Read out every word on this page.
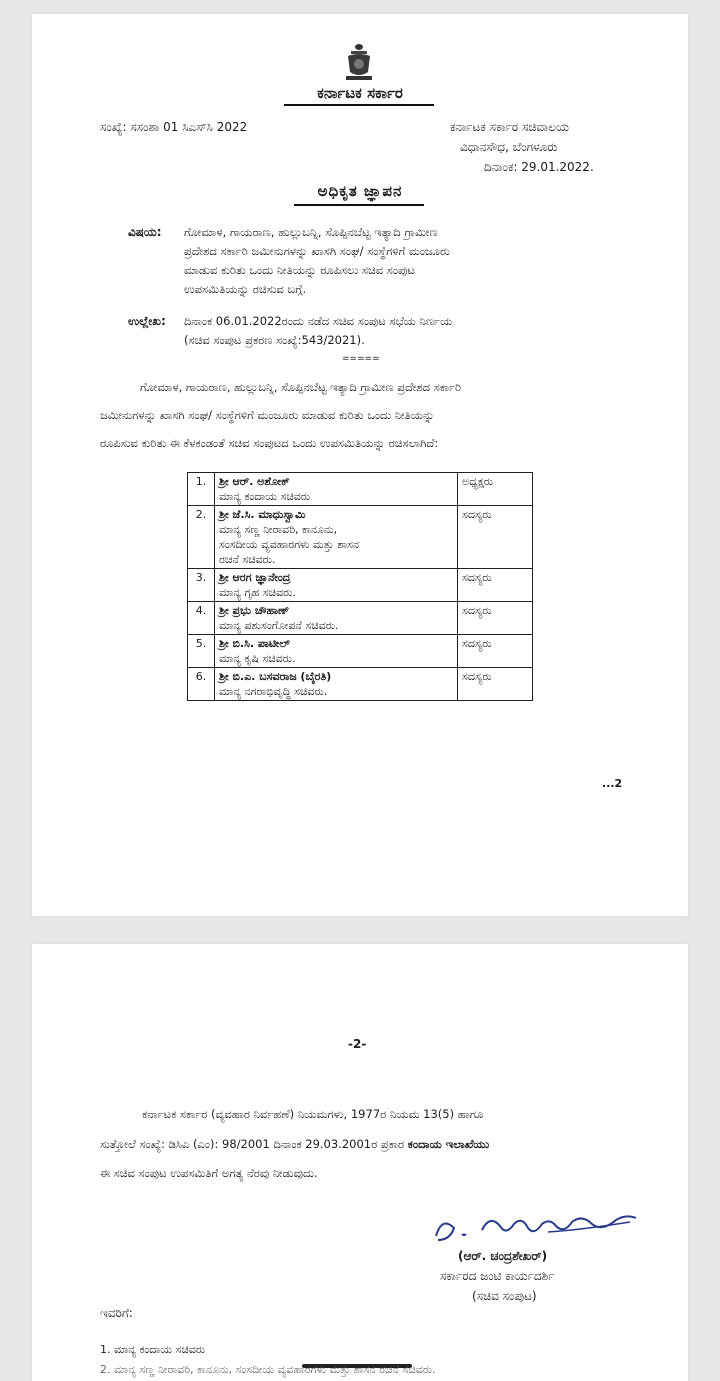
ಕರ್ನಾಟಕ ಸರ್ಕಾರ
ಸಂಖ್ಯೆ: ಸಸಂಶಾ 01 ಸಿಎಸ್‌ಸಿ 2022	ಕರ್ನಾಟಕ ಸರ್ಕಾರ ಸಚಿವಾಲಯ
ವಿಧಾನಸೌಧ, ಬೆಂಗಳೂರು
ದಿನಾಂಕ: 29.01.2022.
ಅಧಿಕೃತ ಜ್ಞಾಪನ
ವಿಷಯ: ಗೋಮಾಳ, ಗಾಯರಾಣ, ಹುಲ್ಲುಬನ್ನಿ, ಸೊಪ್ಪಿನಬೆಟ್ಟ ಇತ್ಯಾದಿ ಗ್ರಾಮೀಣ
ಪ್ರದೇಶದ ಸರ್ಕಾರಿ ಜಮೀನುಗಳನ್ನು ಖಾಸಗಿ ಸಂಘ/ ಸಂಸ್ಥೆಗಳಿಗೆ ಮಂಜೂರು
ಮಾಡುವ ಕುರಿತು ಒಂದು ನೀತಿಯನ್ನು ರೂಪಿಸಲು ಸಚಿವ ಸಂಪುಟ
ಉಪಸಮಿತಿಯನ್ನು ರಚಿಸುವ ಬಗ್ಗೆ.
ಉಲ್ಲೇಖ: ದಿನಾಂಕ 06.01.2022ರಂದು ನಡೆದ ಸಚಿವ ಸಂಪುಟ ಸಭೆಯ ನಿರ್ಣಯ
(ಸಚಿವ ಸಂಪುಟ ಪ್ರಕರಣ ಸಂಖ್ಯೆ:543/2021).
=====
ಗೋಮಾಳ, ಗಾಯರಾಣ, ಹುಲ್ಲುಬನ್ನಿ, ಸೊಪ್ಪಿನಬೆಟ್ಟ ಇತ್ಯಾದಿ ಗ್ರಾಮೀಣ ಪ್ರದೇಶದ ಸರ್ಕಾರಿ
ಜಮೀನುಗಳನ್ನು ಖಾಸಗಿ ಸಂಘ/ ಸಂಸ್ಥೆಗಳಿಗೆ ಮಂಜೂರು ಮಾಡುವ ಕುರಿತು ಒಂದು ನೀತಿಯನ್ನು
ರೂಪಿಸುವ ಕುರಿತು ಈ ಕೆಳಕಂಡಂತೆ ಸಚಿವ ಸಂಪುಟದ ಒಂದು ಉಪಸಮಿತಿಯನ್ನು ರಚಿಸಲಾಗಿದೆ:
1.	ಶ್ರೀ ಆರ್. ಅಶೋಕ್
ಮಾನ್ಯ ಕಂದಾಯ ಸಚಿವರು	ಅಧ್ಯಕ್ಷರು
2.	ಶ್ರೀ ಜೆ.ಸಿ. ಮಾಧುಸ್ವಾಮಿ
ಮಾನ್ಯ ಸಣ್ಣ ನೀರಾವರಿ, ಕಾನೂನು,
ಸಂಸದೀಯ ವ್ಯವಹಾರಗಳು ಮತ್ತು ಶಾಸನ
ರಚನೆ ಸಚಿವರು.	ಸದಸ್ಯರು
3.	ಶ್ರೀ ಆರಗ ಜ್ಞಾನೇಂದ್ರ
ಮಾನ್ಯ ಗೃಹ ಸಚಿವರು.	ಸದಸ್ಯರು
4.	ಶ್ರೀ ಪ್ರಭು ಚೌಹಾಣ್
ಮಾನ್ಯ ಪಶುಸಂಗೋಪನೆ ಸಚಿವರು.	ಸದಸ್ಯರು
5.	ಶ್ರೀ ಬಿ.ಸಿ. ಪಾಟೀಲ್
ಮಾನ್ಯ ಕೃಷಿ ಸಚಿವರು.	ಸದಸ್ಯರು
6.	ಶ್ರೀ ಬಿ.ಎ. ಬಸವರಾಜ (ಬೈರತಿ)
ಮಾನ್ಯ ನಗರಾಭಿವೃದ್ಧಿ ಸಚಿವರು.	ಸದಸ್ಯರು
...2
-2-
ಕರ್ನಾಟಕ ಸರ್ಕಾರ (ವ್ಯವಹಾರ ನಿರ್ವಹಣೆ) ನಿಯಮಗಳು, 1977ರ ನಿಯಮ 13(5) ಹಾಗೂ
ಸುತ್ತೋಲೆ ಸಂಖ್ಯೆ: ಡಿಸಿಎ (ಎಂ): 98/2001 ದಿನಾಂಕ 29.03.2001ರ ಪ್ರಕಾರ ಕಂದಾಯ ಇಲಾಖೆಯು
ಈ ಸಚಿವ ಸಂಪುಟ ಉಪಸಮಿತಿಗೆ ಅಗತ್ಯ ನೆರವು ನೀಡುವುದು.
(ಆರ್. ಚಂದ್ರಶೇಖರ್)
ಸರ್ಕಾರದ ಜಂಟಿ ಕಾರ್ಯದರ್ಶಿ
(ಸಚಿವ ಸಂಪುಟ)
ಇವರಿಗೆ:
1. ಮಾನ್ಯ ಕಂದಾಯ ಸಚಿವರು
2. ಮಾನ್ಯ ಸಣ್ಣ ನೀರಾವರಿ, ಕಾನೂನು, ಸಂಸದೀಯ ವ್ಯವಹಾರಗಳು ಮತ್ತು ಶಾಸನ ರಚನೆ ಸಚಿವರು.
